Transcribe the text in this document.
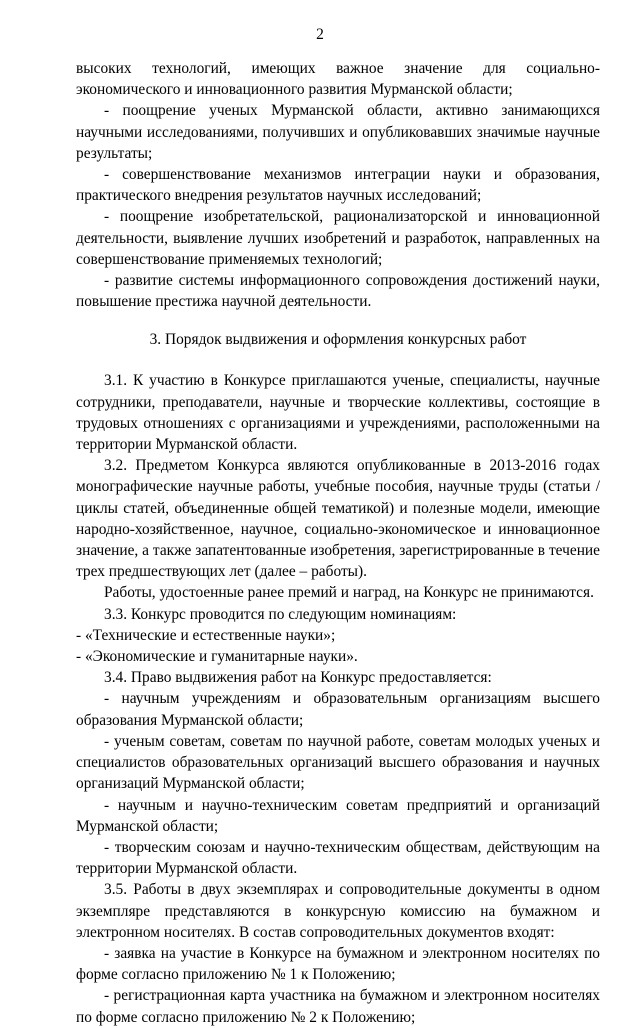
2

высоких технологий, имеющих важное значение для социально-экономического и инновационного развития Мурманской области;

- поощрение ученых Мурманской области, активно занимающихся научными исследованиями, получивших и опубликовавших значимые научные результаты;

- совершенствование механизмов интеграции науки и образования, практического внедрения результатов научных исследований;

- поощрение изобретательской, рационализаторской и инновационной деятельности, выявление лучших изобретений и разработок, направленных на совершенствование применяемых технологий;

- развитие системы информационного сопровождения достижений науки, повышение престижа научной деятельности.

3. Порядок выдвижения и оформления конкурсных работ

3.1. К участию в Конкурсе приглашаются ученые, специалисты, научные сотрудники, преподаватели, научные и творческие коллективы, состоящие в трудовых отношениях с организациями и учреждениями, расположенными на территории Мурманской области.

3.2. Предметом Конкурса являются опубликованные в 2013-2016 годах монографические научные работы, учебные пособия, научные труды (статьи / циклы статей, объединенные общей тематикой) и полезные модели, имеющие народно-хозяйственное, научное, социально-экономическое и инновационное значение, а также запатентованные изобретения, зарегистрированные в течение трех предшествующих лет (далее – работы).

Работы, удостоенные ранее премий и наград, на Конкурс не принимаются.

3.3. Конкурс проводится по следующим номинациям:

- «Технические и естественные науки»;

- «Экономические и гуманитарные науки».

3.4. Право выдвижения работ на Конкурс предоставляется:

- научным учреждениям и образовательным организациям высшего образования Мурманской области;

- ученым советам, советам по научной работе, советам молодых ученых и специалистов образовательных организаций высшего образования и научных организаций Мурманской области;

- научным и научно-техническим советам предприятий и организаций Мурманской области;

- творческим союзам и научно-техническим обществам, действующим на территории Мурманской области.

3.5. Работы в двух экземплярах и сопроводительные документы в одном экземпляре представляются в конкурсную комиссию на бумажном и электронном носителях. В состав сопроводительных документов входят:

- заявка на участие в Конкурсе на бумажном и электронном носителях по форме согласно приложению № 1 к Положению;

- регистрационная карта участника на бумажном и электронном носителях по форме согласно приложению № 2 к Положению;
